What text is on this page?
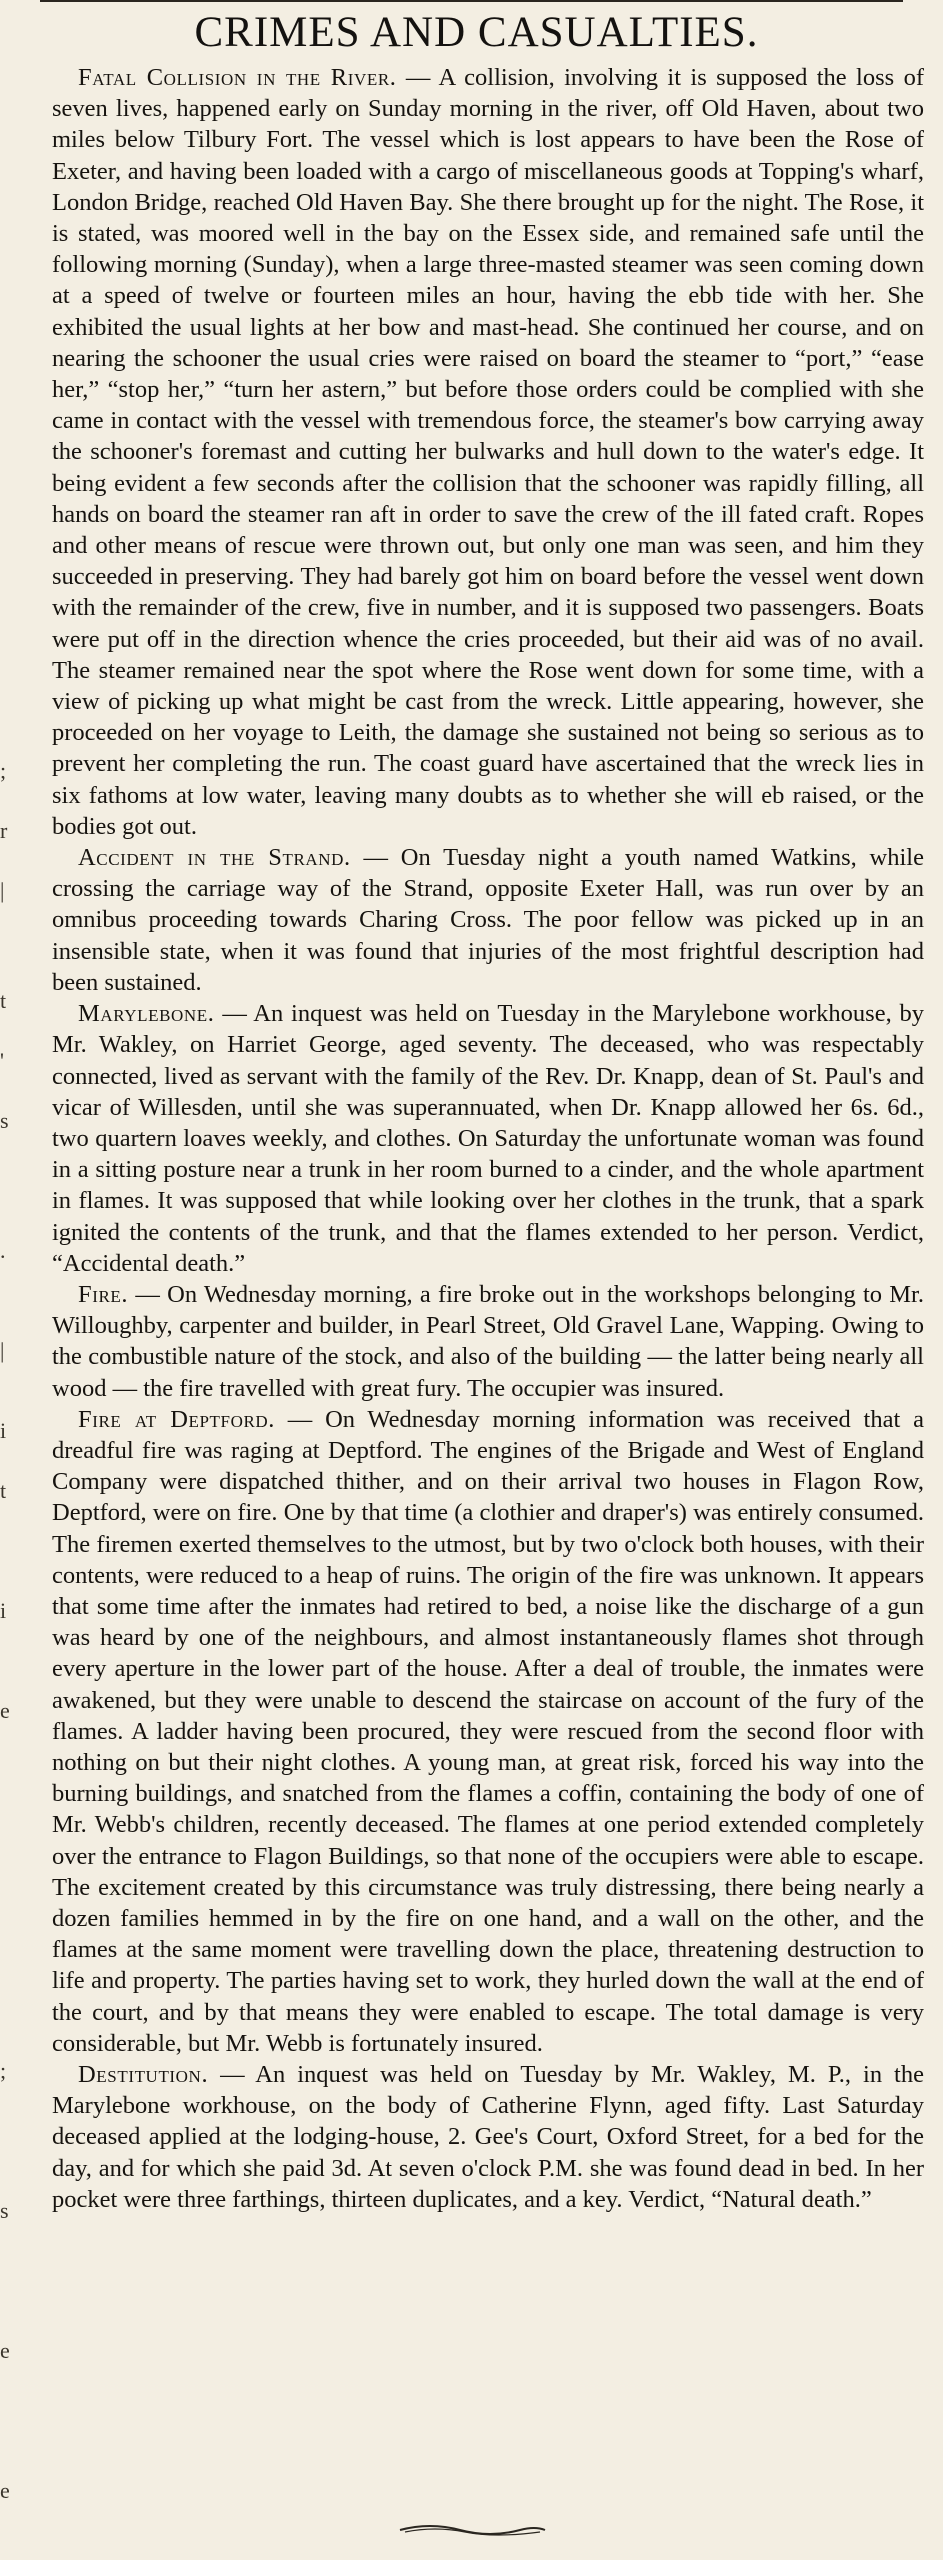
CRIMES AND CASUALTIES.
;
r
|
t
'
s
.
|
i
t
i
e
;
s
e
e

Fatal Collision in the River. — A collision, involving it is supposed the loss of seven lives, happened early on Sunday morning in the river, off Old Haven, about two miles below Tilbury Fort. The vessel which is lost appears to have been the Rose of Exeter, and having been loaded with a cargo of miscellaneous goods at Topping's wharf, London Bridge, reached Old Haven Bay. She there brought up for the night. The Rose, it is stated, was moored well in the bay on the Essex side, and remained safe until the following morning (Sunday), when a large three-masted steamer was seen coming down at a speed of twelve or fourteen miles an hour, having the ebb tide with her. She exhibited the usual lights at her bow and mast-head. She continued her course, and on nearing the schooner the usual cries were raised on board the steamer to “port,” “ease her,” “stop her,” “turn her astern,” but before those orders could be complied with she came in contact with the vessel with tremendous force, the steamer's bow carrying away the schooner's foremast and cutting her bulwarks and hull down to the water's edge. It being evident a few seconds after the collision that the schooner was rapidly filling, all hands on board the steamer ran aft in order to save the crew of the ill fated craft. Ropes and other means of rescue were thrown out, but only one man was seen, and him they succeeded in preserving. They had barely got him on board before the vessel went down with the remainder of the crew, five in number, and it is supposed two passengers. Boats were put off in the direction whence the cries proceeded, but their aid was of no avail. The steamer remained near the spot where the Rose went down for some time, with a view of picking up what might be cast from the wreck. Little appearing, however, she proceeded on her voyage to Leith, the damage she sustained not being so serious as to prevent her completing the run. The coast guard have ascertained that the wreck lies in six fathoms at low water, leaving many doubts as to whether she will eb raised, or the bodies got out.

Accident in the Strand. — On Tuesday night a youth named Watkins, while crossing the carriage way of the Strand, opposite Exeter Hall, was run over by an omnibus proceeding towards Charing Cross. The poor fellow was picked up in an insensible state, when it was found that injuries of the most frightful description had been sustained.

Marylebone. — An inquest was held on Tuesday in the Marylebone workhouse, by Mr. Wakley, on Harriet George, aged seventy. The deceased, who was respectably connected, lived as servant with the family of the Rev. Dr. Knapp, dean of St. Paul's and vicar of Willesden, until she was superannuated, when Dr. Knapp allowed her 6s. 6d., two quartern loaves weekly, and clothes. On Saturday the unfortunate woman was found in a sitting posture near a trunk in her room burned to a cinder, and the whole apartment in flames. It was supposed that while looking over her clothes in the trunk, that a spark ignited the contents of the trunk, and that the flames extended to her person. Verdict, “Accidental death.”

Fire. — On Wednesday morning, a fire broke out in the workshops belonging to Mr. Willoughby, carpenter and builder, in Pearl Street, Old Gravel Lane, Wapping. Owing to the combustible nature of the stock, and also of the building — the latter being nearly all wood — the fire travelled with great fury. The occupier was insured.

Fire at Deptford. — On Wednesday morning information was received that a dreadful fire was raging at Deptford. The engines of the Brigade and West of England Company were dispatched thither, and on their arrival two houses in Flagon Row, Deptford, were on fire. One by that time (a clothier and draper's) was entirely consumed. The firemen exerted themselves to the utmost, but by two o'clock both houses, with their contents, were reduced to a heap of ruins. The origin of the fire was unknown. It appears that some time after the inmates had retired to bed, a noise like the discharge of a gun was heard by one of the neighbours, and almost instantaneously flames shot through every aperture in the lower part of the house. After a deal of trouble, the inmates were awakened, but they were unable to descend the staircase on account of the fury of the flames. A ladder having been procured, they were rescued from the second floor with nothing on but their night clothes. A young man, at great risk, forced his way into the burning buildings, and snatched from the flames a coffin, containing the body of one of Mr. Webb's children, recently deceased. The flames at one period extended completely over the entrance to Flagon Buildings, so that none of the occupiers were able to escape. The excitement created by this circumstance was truly distressing, there being nearly a dozen families hemmed in by the fire on one hand, and a wall on the other, and the flames at the same moment were travelling down the place, threatening destruction to life and property. The parties having set to work, they hurled down the wall at the end of the court, and by that means they were enabled to escape. The total damage is very considerable, but Mr. Webb is fortunately insured.

Destitution. — An inquest was held on Tuesday by Mr. Wakley, M. P., in the Marylebone workhouse, on the body of Catherine Flynn, aged fifty. Last Saturday deceased applied at the lodging-house, 2. Gee's Court, Oxford Street, for a bed for the day, and for which she paid 3d. At seven o'clock P.M. she was found dead in bed. In her pocket were three farthings, thirteen duplicates, and a key. Verdict, “Natural death.”
